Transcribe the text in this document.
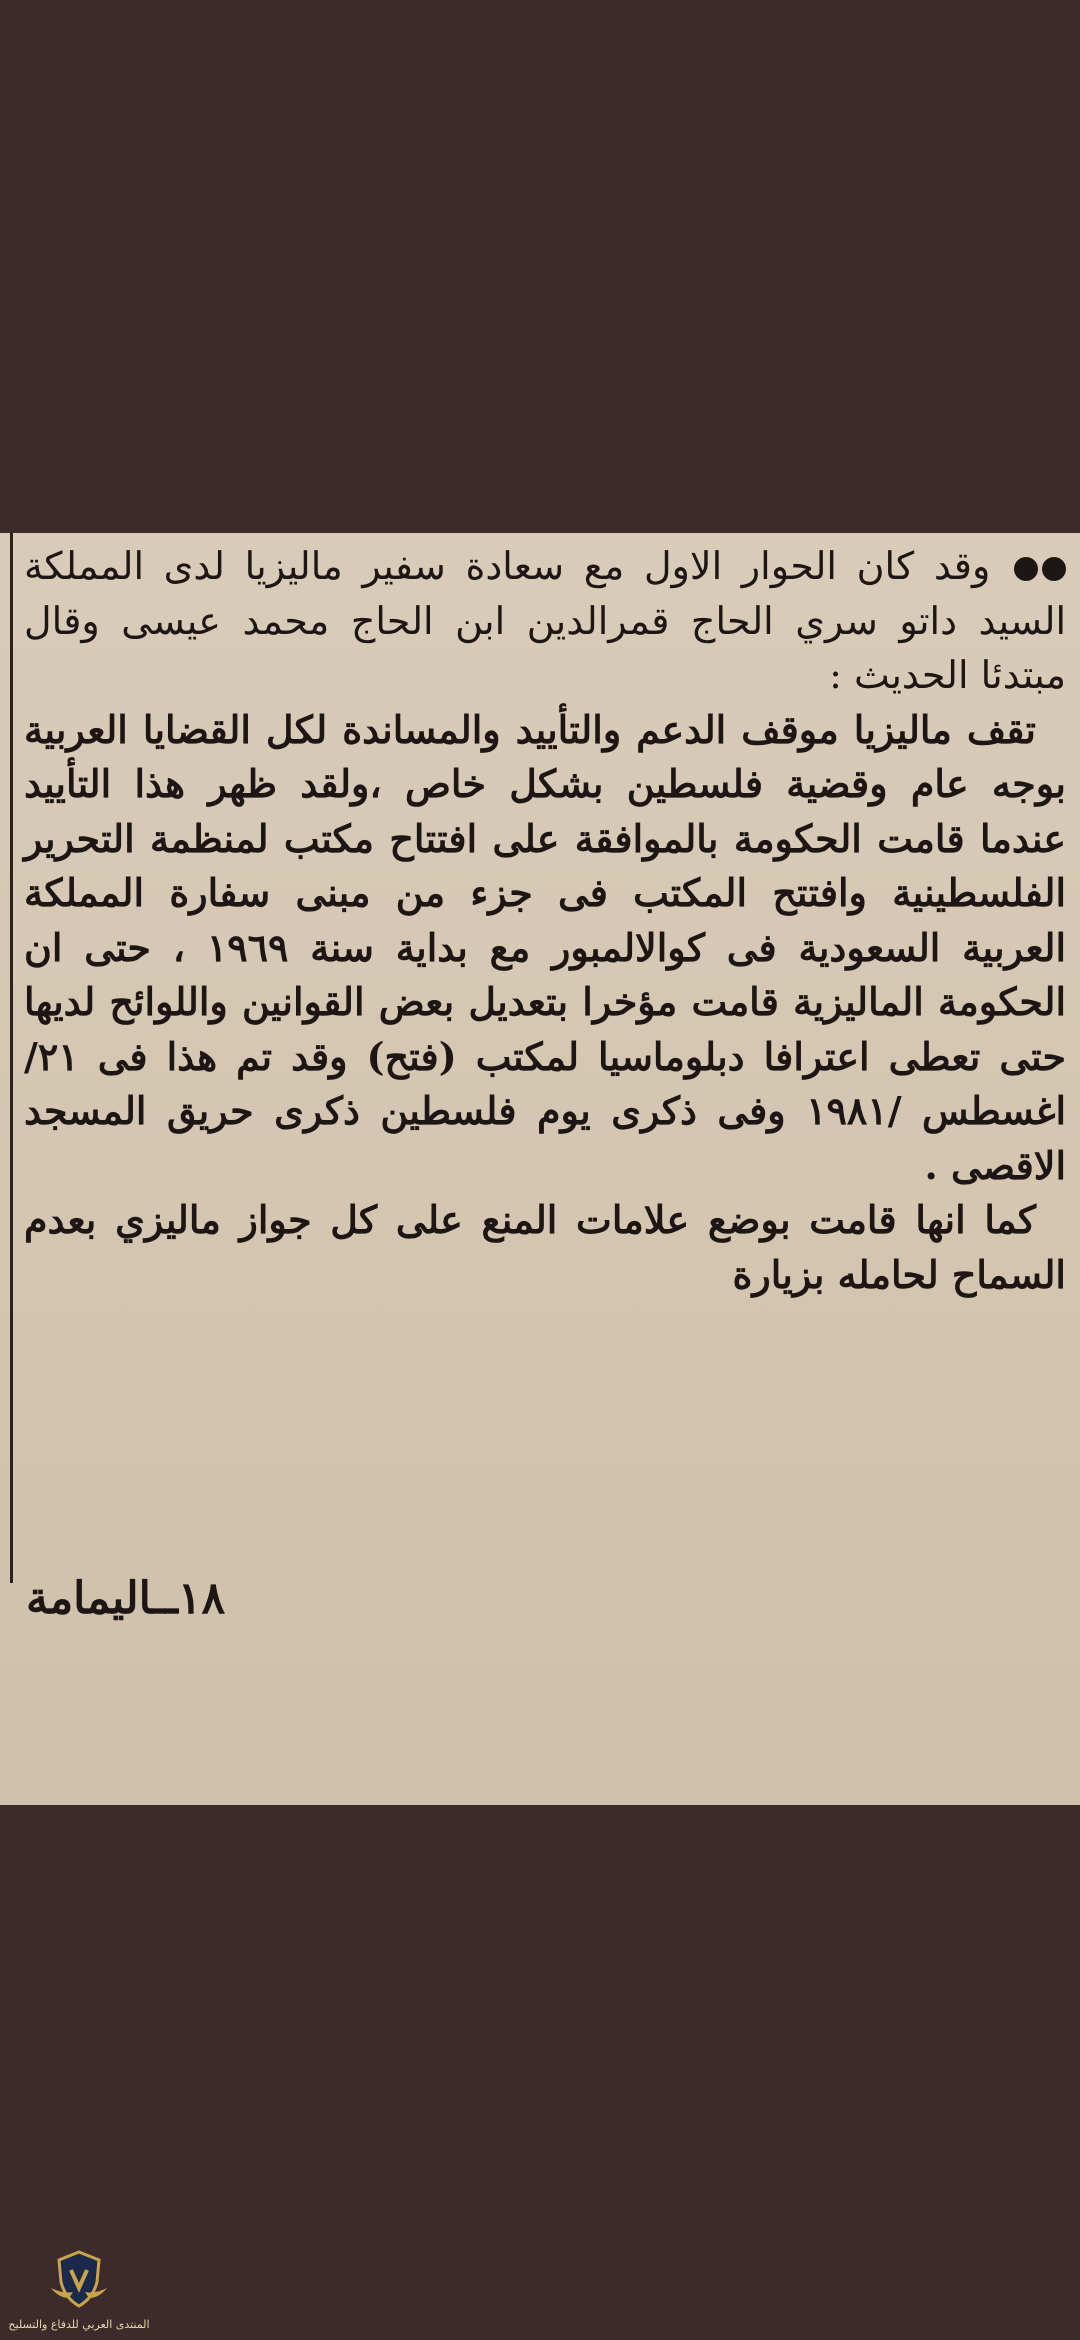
وقد كان الحوار الاول مع سعادة سفير ماليزيا لدى المملكة السيد داتو سري الحاج قمرالدين ابن الحاج محمد عيسى وقال مبتدئا الحديث :

تقف ماليزيا موقف الدعم والتأييد والمساندة لكل القضايا العربية بوجه عام وقضية فلسطين بشكل خاص ،ولقد ظهر هذا التأييد عندما قامت الحكومة بالموافقة على افتتاح مكتب لمنظمة التحرير الفلسطينية وافتتح المكتب فى جزء من مبنى سفارة المملكة العربية السعودية فى كوالالمبور مع بداية سنة ١٩٦٩ ، حتى ان الحكومة الماليزية قامت مؤخرا بتعديل بعض القوانين واللوائح لديها حتى تعطى اعترافا دبلوماسيا لمكتب (فتح) وقد تم هذا فى ٢١/ اغسطس /١٩٨١ وفى ذكرى يوم فلسطين ذكرى حريق المسجد الاقصى .

كما انها قامت بوضع علامات المنع على كل جواز ماليزي بعدم السماح لحامله بزيارة

١٨ــاليمامة
المنتدى العربي للدفاع والتسليح
